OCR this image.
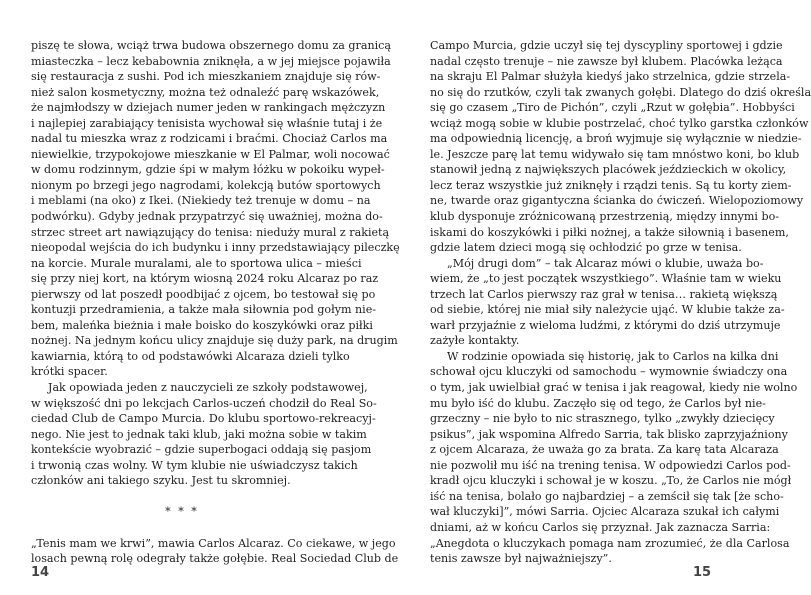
piszę te słowa, wciąż trwa budowa obszernego domu za granicą
miasteczka – lecz kebabownia zniknęła, a w jej miejsce pojawiła
się restauracja z sushi. Pod ich mieszkaniem znajduje się rów-
nież salon kosmetyczny, można też odnaleźć parę wskazówek,
że najmłodszy w dziejach numer jeden w rankingach mężczyzn
i najlepiej zarabiający tenisista wychował się właśnie tutaj i że
nadal tu mieszka wraz z rodzicami i braćmi. Chociaż Carlos ma
niewielkie, trzypokojowe mieszkanie w El Palmar, woli nocować
w domu rodzinnym, gdzie śpi w małym łóżku w pokoiku wypeł-
nionym po brzegi jego nagrodami, kolekcją butów sportowych
i meblami (na oko) z Ikei. (Niekiedy też trenuje w domu – na
podwórku). Gdyby jednak przypatrzyć się uważniej, można do-
strzec street art nawiązujący do tenisa: nieduży mural z rakietą
nieopodal wejścia do ich budynku i inny przedstawiający pileczkę
na korcie. Murale muralami, ale to sportowa ulica – mieści
się przy niej kort, na którym wiosną 2024 roku Alcaraz po raz
pierwszy od lat poszedł poodbijać z ojcem, bo testował się po
kontuzji przedramienia, a także mała siłownia pod gołym nie-
bem, maleńka bieżnia i małe boisko do koszykówki oraz piłki
nożnej. Na jednym końcu ulicy znajduje się duży park, na drugim
kawiarnia, którą to od podstawówki Alcaraza dzieli tylko
krótki spacer.
Jak opowiada jeden z nauczycieli ze szkoły podstawowej,
w większość dni po lekcjach Carlos-uczeń chodził do Real So-
ciedad Club de Campo Murcia. Do klubu sportowo-rekreacyj-
nego. Nie jest to jednak taki klub, jaki można sobie w takim
kontekście wyobrazić – gdzie superbogaci oddają się pasjom
i trwonią czas wolny. W tym klubie nie uświadczysz takich
członków ani takiego szyku. Jest tu skromniej.
* * *
„Tenis mam we krwi”, mawia Carlos Alcaraz. Co ciekawe, w jego
losach pewną rolę odegrały także gołębie. Real Sociedad Club de
14
Campo Murcia, gdzie uczył się tej dyscypliny sportowej i gdzie
nadal często trenuje – nie zawsze był klubem. Placówka leżąca
na skraju El Palmar służyła kiedyś jako strzelnica, gdzie strzela-
no się do rzutków, czyli tak zwanych gołębi. Dlatego do dziś określa
się go czasem „Tiro de Pichón”, czyli „Rzut w gołębia”. Hobbyści
wciąż mogą sobie w klubie postrzelać, choć tylko garstka członków
ma odpowiednią licencję, a broń wyjmuje się wyłącznie w niedzie-
le. Jeszcze parę lat temu widywało się tam mnóstwo koni, bo klub
stanowił jedną z największych placówek jeździeckich w okolicy,
lecz teraz wszystkie już zniknęły i rządzi tenis. Są tu korty ziem-
ne, twarde oraz gigantyczna ścianka do ćwiczeń. Wielopoziomowy
klub dysponuje zróżnicowaną przestrzenią, między innymi bo-
iskami do koszykówki i piłki nożnej, a także siłownią i basenem,
gdzie latem dzieci mogą się ochłodzić po grze w tenisa.
„Mój drugi dom” – tak Alcaraz mówi o klubie, uważa bo-
wiem, że „to jest początek wszystkiego”. Właśnie tam w wieku
trzech lat Carlos pierwszy raz grał w tenisa… rakietą większą
od siebie, której nie miał siły należycie ująć. W klubie także za-
warł przyjaźnie z wieloma ludźmi, z którymi do dziś utrzymuje
zażyłe kontakty.
W rodzinie opowiada się historię, jak to Carlos na kilka dni
schował ojcu kluczyki od samochodu – wymownie świadczy ona
o tym, jak uwielbiał grać w tenisa i jak reagował, kiedy nie wolno
mu było iść do klubu. Zaczęło się od tego, że Carlos był nie-
grzeczny – nie było to nic strasznego, tylko „zwykły dziecięcy
psikus”, jak wspomina Alfredo Sarria, tak blisko zaprzyjaźniony
z ojcem Alcaraza, że uważa go za brata. Za karę tata Alcaraza
nie pozwolił mu iść na trening tenisa. W odpowiedzi Carlos pod-
kradł ojcu kluczyki i schował je w koszu. „To, że Carlos nie mógł
iść na tenisa, bolało go najbardziej – a zemścił się tak [że scho-
wał kluczyki]”, mówi Sarria. Ojciec Alcaraza szukał ich całymi
dniami, aż w końcu Carlos się przyznał. Jak zaznacza Sarria:
„Anegdota o kluczykach pomaga nam zrozumieć, że dla Carlosa
tenis zawsze był najważniejszy”.
15
